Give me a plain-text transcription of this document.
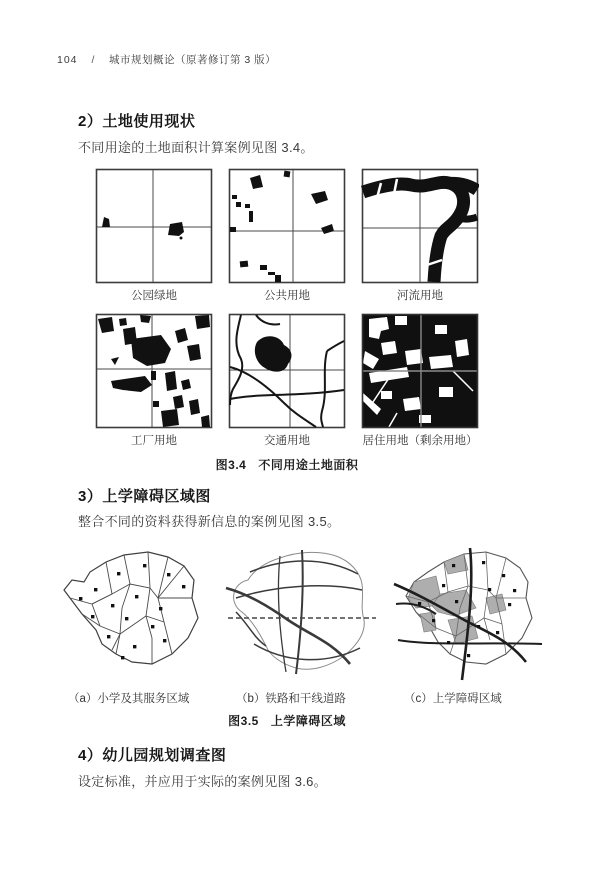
104 / 城市规划概论（原著修订第 3 版）
2）土地使用现状

不同用途的土地面积计算案例见图 3.4。

公园绿地	公共用地	河流用地
工厂用地	交通用地	居住用地（剩余用地）
图3.4 不同用途土地面积
3）上学障碍区域图

整合不同的资料获得新信息的案例见图 3.5。

（a）小学及其服务区域	（b）铁路和干线道路	（c）上学障碍区域
图3.5 上学障碍区域
4）幼儿园规划调查图

设定标准，并应用于实际的案例见图 3.6。
